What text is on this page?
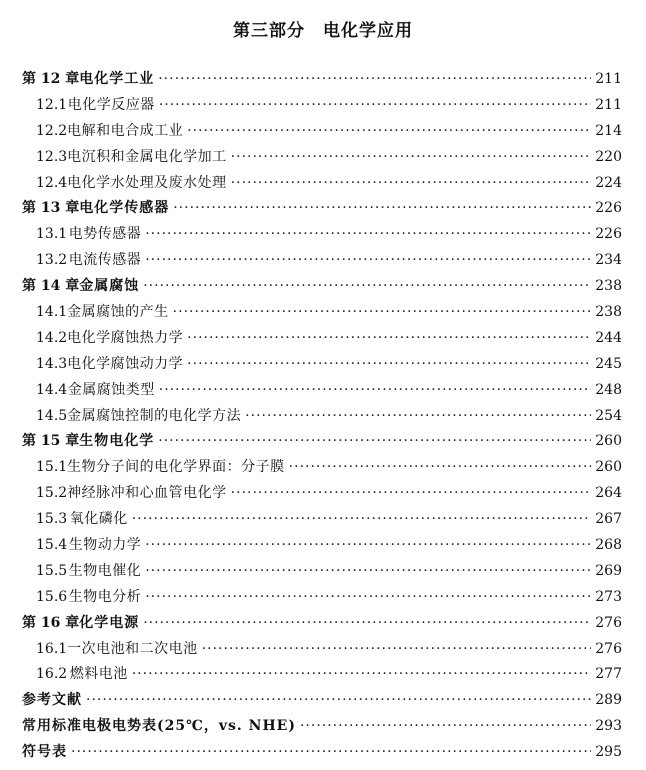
第三部分　电化学应用
第 12 章 电化学工业 ·····	211
12.1 电化学反应器 ·····	211
12.2 电解和电合成工业 ·····	214
12.3 电沉积和金属电化学加工 ·····	220
12.4 电化学水处理及废水处理 ·····	224
第 13 章 电化学传感器 ·····	226
13.1 电势传感器 ·····	226
13.2 电流传感器 ·····	234
第 14 章 金属腐蚀 ·····	238
14.1 金属腐蚀的产生 ·····	238
14.2 电化学腐蚀热力学 ·····	244
14.3 电化学腐蚀动力学 ·····	245
14.4 金属腐蚀类型 ·····	248
14.5 金属腐蚀控制的电化学方法 ·····	254
第 15 章 生物电化学 ·····	260
15.1 生物分子间的电化学界面：分子膜 ·····	260
15.2 神经脉冲和心血管电化学 ·····	264
15.3 氧化磷化 ·····	267
15.4 生物动力学 ·····	268
15.5 生物电催化 ·····	269
15.6 生物电分析 ·····	273
第 16 章 化学电源 ·····	276
16.1 一次电池和二次电池 ·····	276
16.2 燃料电池 ·····	277
参考文献 ·····	289
常用标准电极电势表(25℃，vs. NHE) ·····	293
符号表 ·····	295
